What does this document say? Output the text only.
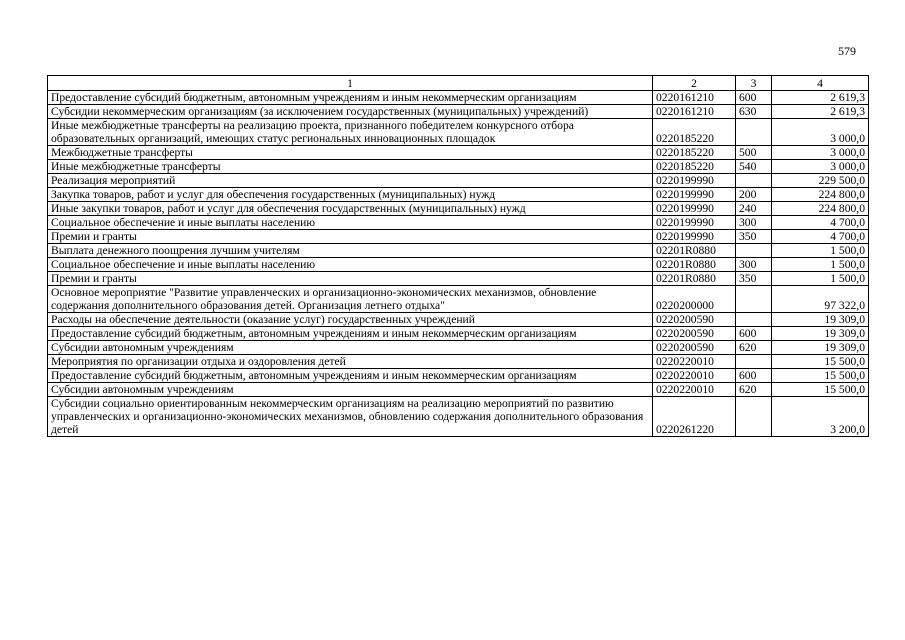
579
1	2	3	4
Предоставление субсидий бюджетным, автономным учреждениям и иным некоммерческим организациям	0220161210	600	2 619,3
Субсидии некоммерческим организациям (за исключением государственных (муниципальных) учреждений)	0220161210	630	2 619,3
Иные межбюджетные трансферты на реализацию проекта, признанного победителем конкурсного отбора образовательных организаций, имеющих статус региональных инновационных площадок	0220185220		3 000,0
Межбюджетные трансферты	0220185220	500	3 000,0
Иные межбюджетные трансферты	0220185220	540	3 000,0
Реализация мероприятий	0220199990		229 500,0
Закупка товаров, работ и услуг для обеспечения государственных (муниципальных) нужд	0220199990	200	224 800,0
Иные закупки товаров, работ и услуг для обеспечения государственных (муниципальных) нужд	0220199990	240	224 800,0
Социальное обеспечение и иные выплаты населению	0220199990	300	4 700,0
Премии и гранты	0220199990	350	4 700,0
Выплата денежного поощрения лучшим учителям	02201R0880		1 500,0
Социальное обеспечение и иные выплаты населению	02201R0880	300	1 500,0
Премии и гранты	02201R0880	350	1 500,0
Основное мероприятие "Развитие управленческих и организационно-экономических механизмов, обновление содержания дополнительного образования детей. Организация летнего отдыха"	0220200000		97 322,0
Расходы на обеспечение деятельности (оказание услуг) государственных учреждений	0220200590		19 309,0
Предоставление субсидий бюджетным, автономным учреждениям и иным некоммерческим организациям	0220200590	600	19 309,0
Субсидии автономным учреждениям	0220200590	620	19 309,0
Мероприятия по организации отдыха и оздоровления детей	0220220010		15 500,0
Предоставление субсидий бюджетным, автономным учреждениям и иным некоммерческим организациям	0220220010	600	15 500,0
Субсидии автономным учреждениям	0220220010	620	15 500,0
Субсидии социально ориентированным некоммерческим организациям на реализацию мероприятий по развитию управленческих и организационно-экономических механизмов, обновлению содержания дополнительного образования детей	0220261220		3 200,0
